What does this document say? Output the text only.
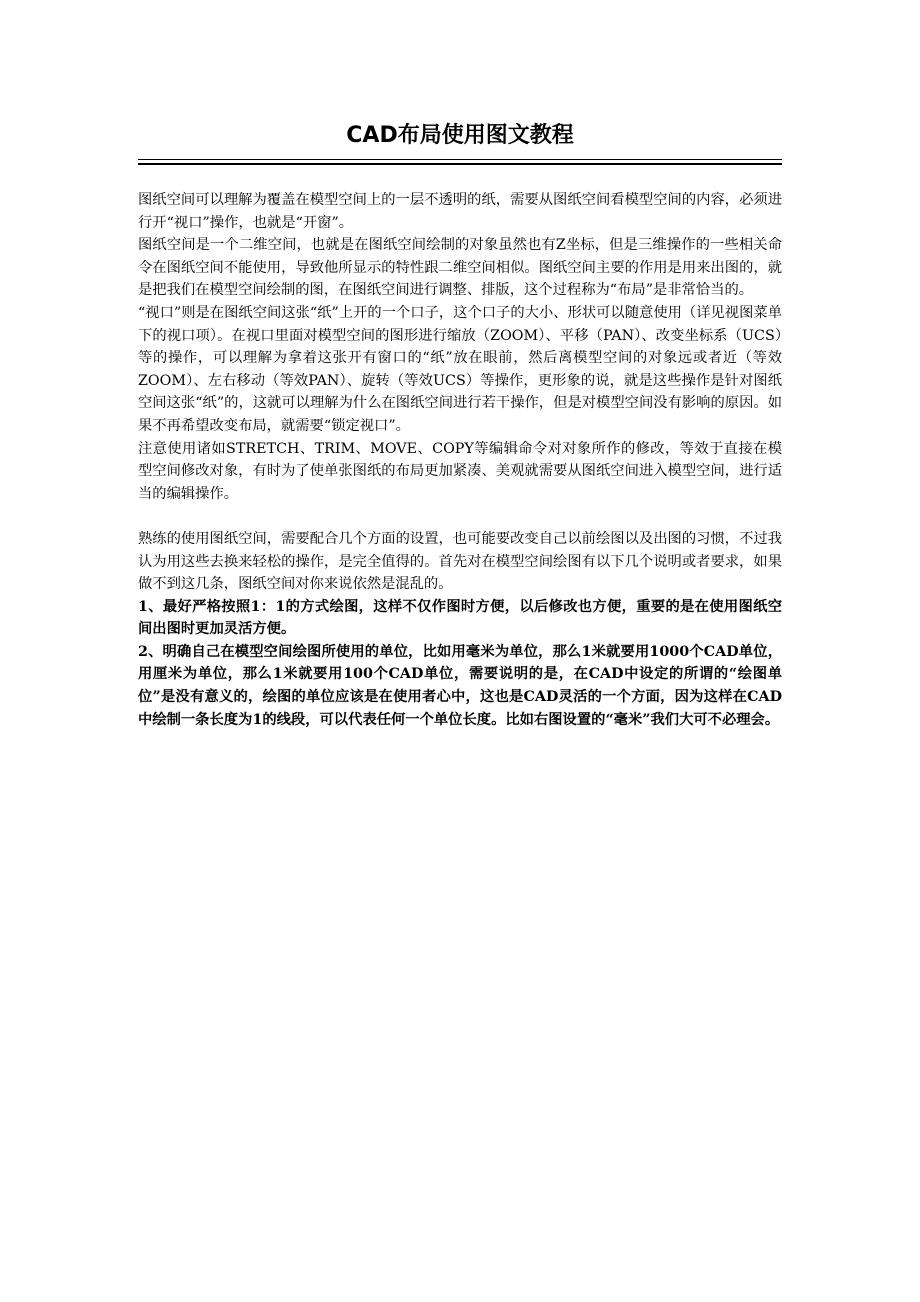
CAD布局使用图文教程

图纸空间可以理解为覆盖在模型空间上的一层不透明的纸，需要从图纸空间看模型空间的内容，必须进行开“视口”操作，也就是“开窗”。

图纸空间是一个二维空间，也就是在图纸空间绘制的对象虽然也有Z坐标，但是三维操作的一些相关命令在图纸空间不能使用，导致他所显示的特性跟二维空间相似。图纸空间主要的作用是用来出图的，就是把我们在模型空间绘制的图，在图纸空间进行调整、排版，这个过程称为“布局”是非常恰当的。

“视口”则是在图纸空间这张“纸”上开的一个口子，这个口子的大小、形状可以随意使用（详见视图菜单下的视口项）。在视口里面对模型空间的图形进行缩放（ZOOM）、平移（PAN）、改变坐标系（UCS）等的操作，可以理解为拿着这张开有窗口的“纸”放在眼前，然后离模型空间的对象远或者近（等效ZOOM）、左右移动（等效PAN）、旋转（等效UCS）等操作，更形象的说，就是这些操作是针对图纸空间这张“纸”的，这就可以理解为什么在图纸空间进行若干操作，但是对模型空间没有影响的原因。如果不再希望改变布局，就需要“锁定视口”。

注意使用诸如STRETCH、TRIM、MOVE、COPY等编辑命令对对象所作的修改，等效于直接在模型空间修改对象，有时为了使单张图纸的布局更加紧凑、美观就需要从图纸空间进入模型空间，进行适当的编辑操作。

熟练的使用图纸空间，需要配合几个方面的设置，也可能要改变自己以前绘图以及出图的习惯，不过我认为用这些去换来轻松的操作，是完全值得的。首先对在模型空间绘图有以下几个说明或者要求，如果做不到这几条，图纸空间对你来说依然是混乱的。

1、最好严格按照1：1的方式绘图，这样不仅作图时方便，以后修改也方便，重要的是在使用图纸空间出图时更加灵活方便。

2、明确自己在模型空间绘图所使用的单位，比如用毫米为单位，那么1米就要用1000个CAD单位，用厘米为单位，那么1米就要用100个CAD单位，需要说明的是，在CAD中设定的所谓的“绘图单位”是没有意义的，绘图的单位应该是在使用者心中，这也是CAD灵活的一个方面，因为这样在CAD中绘制一条长度为1的线段，可以代表任何一个单位长度。比如右图设置的“毫米”我们大可不必理会。
